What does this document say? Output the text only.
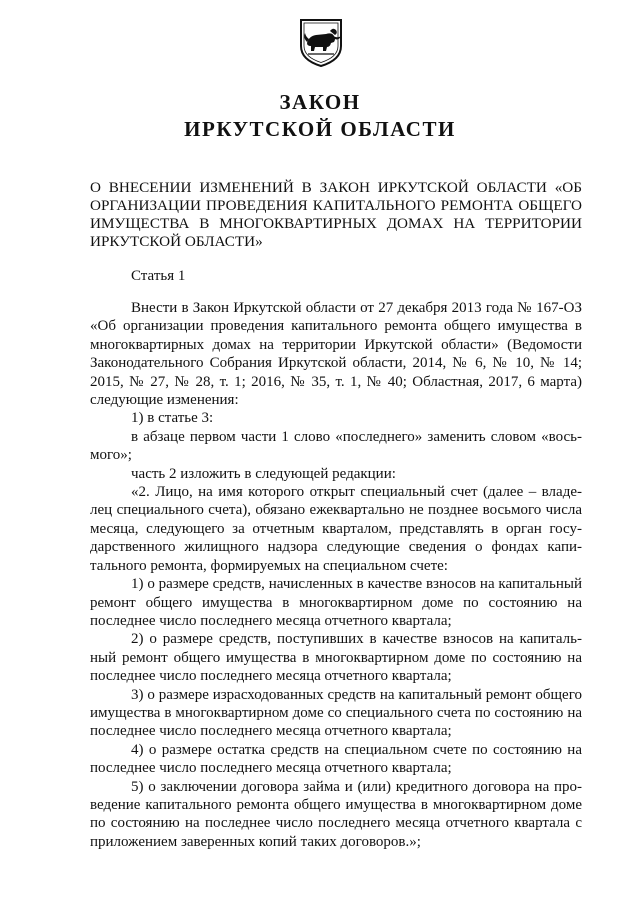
ЗАКОН
ИРКУТСКОЙ ОБЛАСТИ

О ВНЕСЕНИИ ИЗМЕНЕНИЙ В ЗАКОН ИРКУТСКОЙ ОБЛАСТИ «ОБ ОРГАНИЗАЦИИ ПРОВЕДЕНИЯ КАПИТАЛЬНОГО РЕМОНТА ОБЩЕГО ИМУЩЕСТВА В МНОГОКВАРТИРНЫХ ДОМАХ НА ТЕРРИТОРИИ ИРКУТСКОЙ ОБЛАСТИ»

Статья 1

Внести в Закон Иркутской области от 27 декабря 2013 года № 167-ОЗ «Об организации проведения капитального ремонта общего имущества в многоквартирных домах на территории Иркутской области» (Ведомости Законодательного Собрания Иркутской области, 2014, № 6, № 10, № 14; 2015, № 27, № 28, т. 1; 2016, № 35, т. 1, № 40; Областная, 2017, 6 марта) следующие изменения:

1) в статье 3:

в абзаце первом части 1 слово «последнего» заменить словом «восьмого»;

часть 2 изложить в следующей редакции:

«2. Лицо, на имя которого открыт специальный счет (далее – владелец специального счета), обязано ежеквартально не позднее восьмого числа месяца, следующего за отчетным кварталом, представлять в орган государственного жилищного надзора следующие сведения о фондах капитального ремонта, формируемых на специальном счете:

1) о размере средств, начисленных в качестве взносов на капитальный ремонт общего имущества в многоквартирном доме по состоянию на последнее число последнего месяца отчетного квартала;

2) о размере средств, поступивших в качестве взносов на капитальный ремонт общего имущества в многоквартирном доме по состоянию на последнее число последнего месяца отчетного квартала;

3) о размере израсходованных средств на капитальный ремонт общего имущества в многоквартирном доме со специального счета по состоянию на последнее число последнего месяца отчетного квартала;

4) о размере остатка средств на специальном счете по состоянию на последнее число последнего месяца отчетного квартала;

5) о заключении договора займа и (или) кредитного договора на проведение капитального ремонта общего имущества в многоквартирном доме по состоянию на последнее число последнего месяца отчетного квартала с приложением заверенных копий таких договоров.»;
